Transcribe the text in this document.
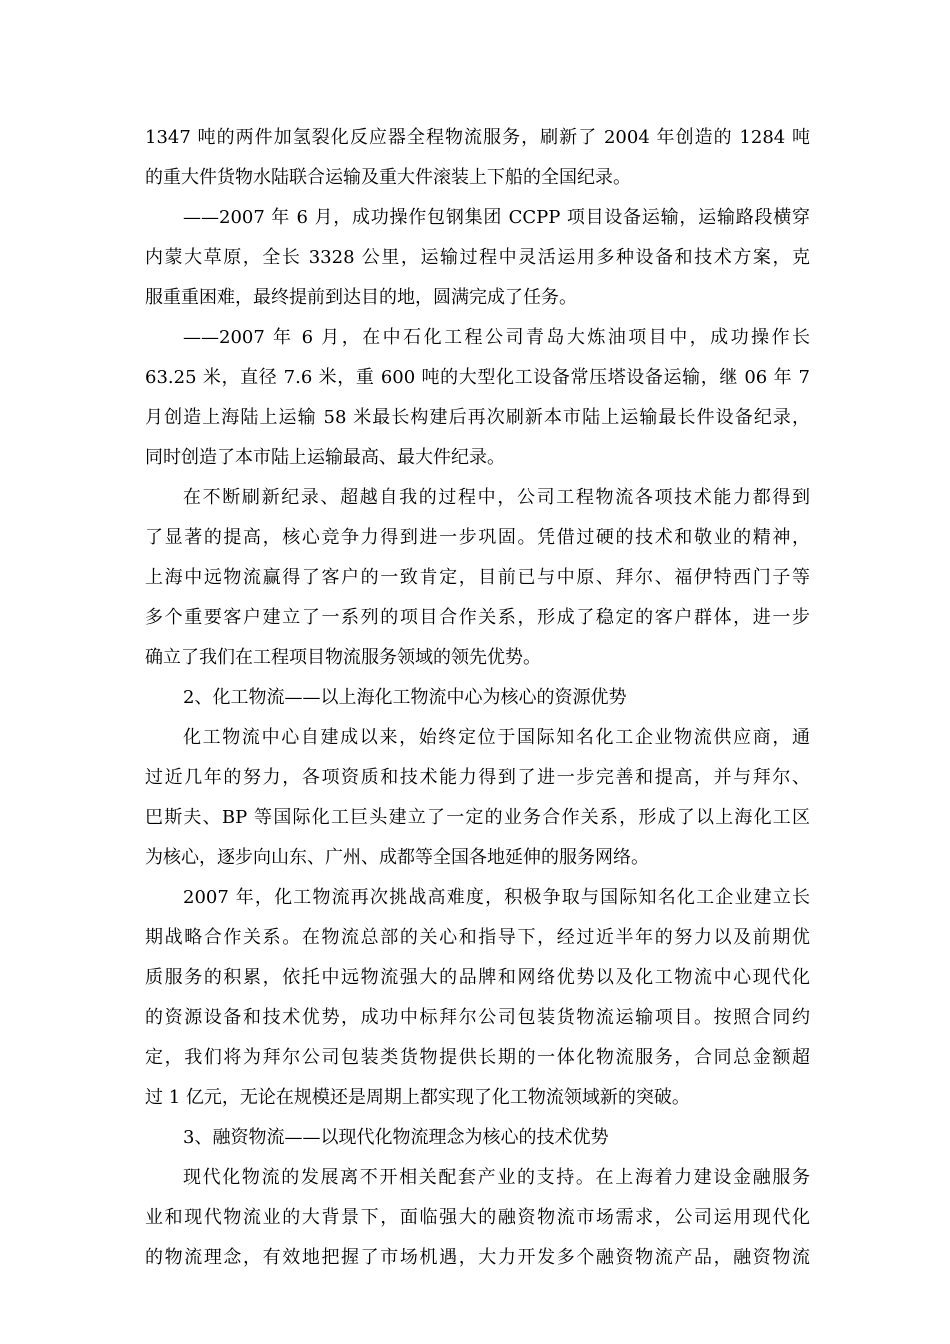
1347 吨的两件加氢裂化反应器全程物流服务，刷新了 2004 年创造的 1284 吨
的重大件货物水陆联合运输及重大件滚装上下船的全国纪录。
——2007 年 6 月，成功操作包钢集团 CCPP 项目设备运输，运输路段横穿
内蒙大草原，全长 3328 公里，运输过程中灵活运用多种设备和技术方案，克
服重重困难，最终提前到达目的地，圆满完成了任务。
——2007 年 6 月，在中石化工程公司青岛大炼油项目中，成功操作长
63.25 米，直径 7.6 米，重 600 吨的大型化工设备常压塔设备运输，继 06 年 7
月创造上海陆上运输 58 米最长构建后再次刷新本市陆上运输最长件设备纪录，
同时创造了本市陆上运输最高、最大件纪录。
在不断刷新纪录、超越自我的过程中，公司工程物流各项技术能力都得到
了显著的提高，核心竞争力得到进一步巩固。凭借过硬的技术和敬业的精神，
上海中远物流赢得了客户的一致肯定，目前已与中原、拜尔、福伊特西门子等
多个重要客户建立了一系列的项目合作关系，形成了稳定的客户群体，进一步
确立了我们在工程项目物流服务领域的领先优势。
2、化工物流——以上海化工物流中心为核心的资源优势
化工物流中心自建成以来，始终定位于国际知名化工企业物流供应商，通
过近几年的努力，各项资质和技术能力得到了进一步完善和提高，并与拜尔、
巴斯夫、BP 等国际化工巨头建立了一定的业务合作关系，形成了以上海化工区
为核心，逐步向山东、广州、成都等全国各地延伸的服务网络。
2007 年，化工物流再次挑战高难度，积极争取与国际知名化工企业建立长
期战略合作关系。在物流总部的关心和指导下，经过近半年的努力以及前期优
质服务的积累，依托中远物流强大的品牌和网络优势以及化工物流中心现代化
的资源设备和技术优势，成功中标拜尔公司包装货物流运输项目。按照合同约
定，我们将为拜尔公司包装类货物提供长期的一体化物流服务，合同总金额超
过 1 亿元，无论在规模还是周期上都实现了化工物流领域新的突破。
3、融资物流——以现代化物流理念为核心的技术优势
现代化物流的发展离不开相关配套产业的支持。在上海着力建设金融服务
业和现代物流业的大背景下，面临强大的融资物流市场需求，公司运用现代化
的物流理念，有效地把握了市场机遇，大力开发多个融资物流产品，融资物流
